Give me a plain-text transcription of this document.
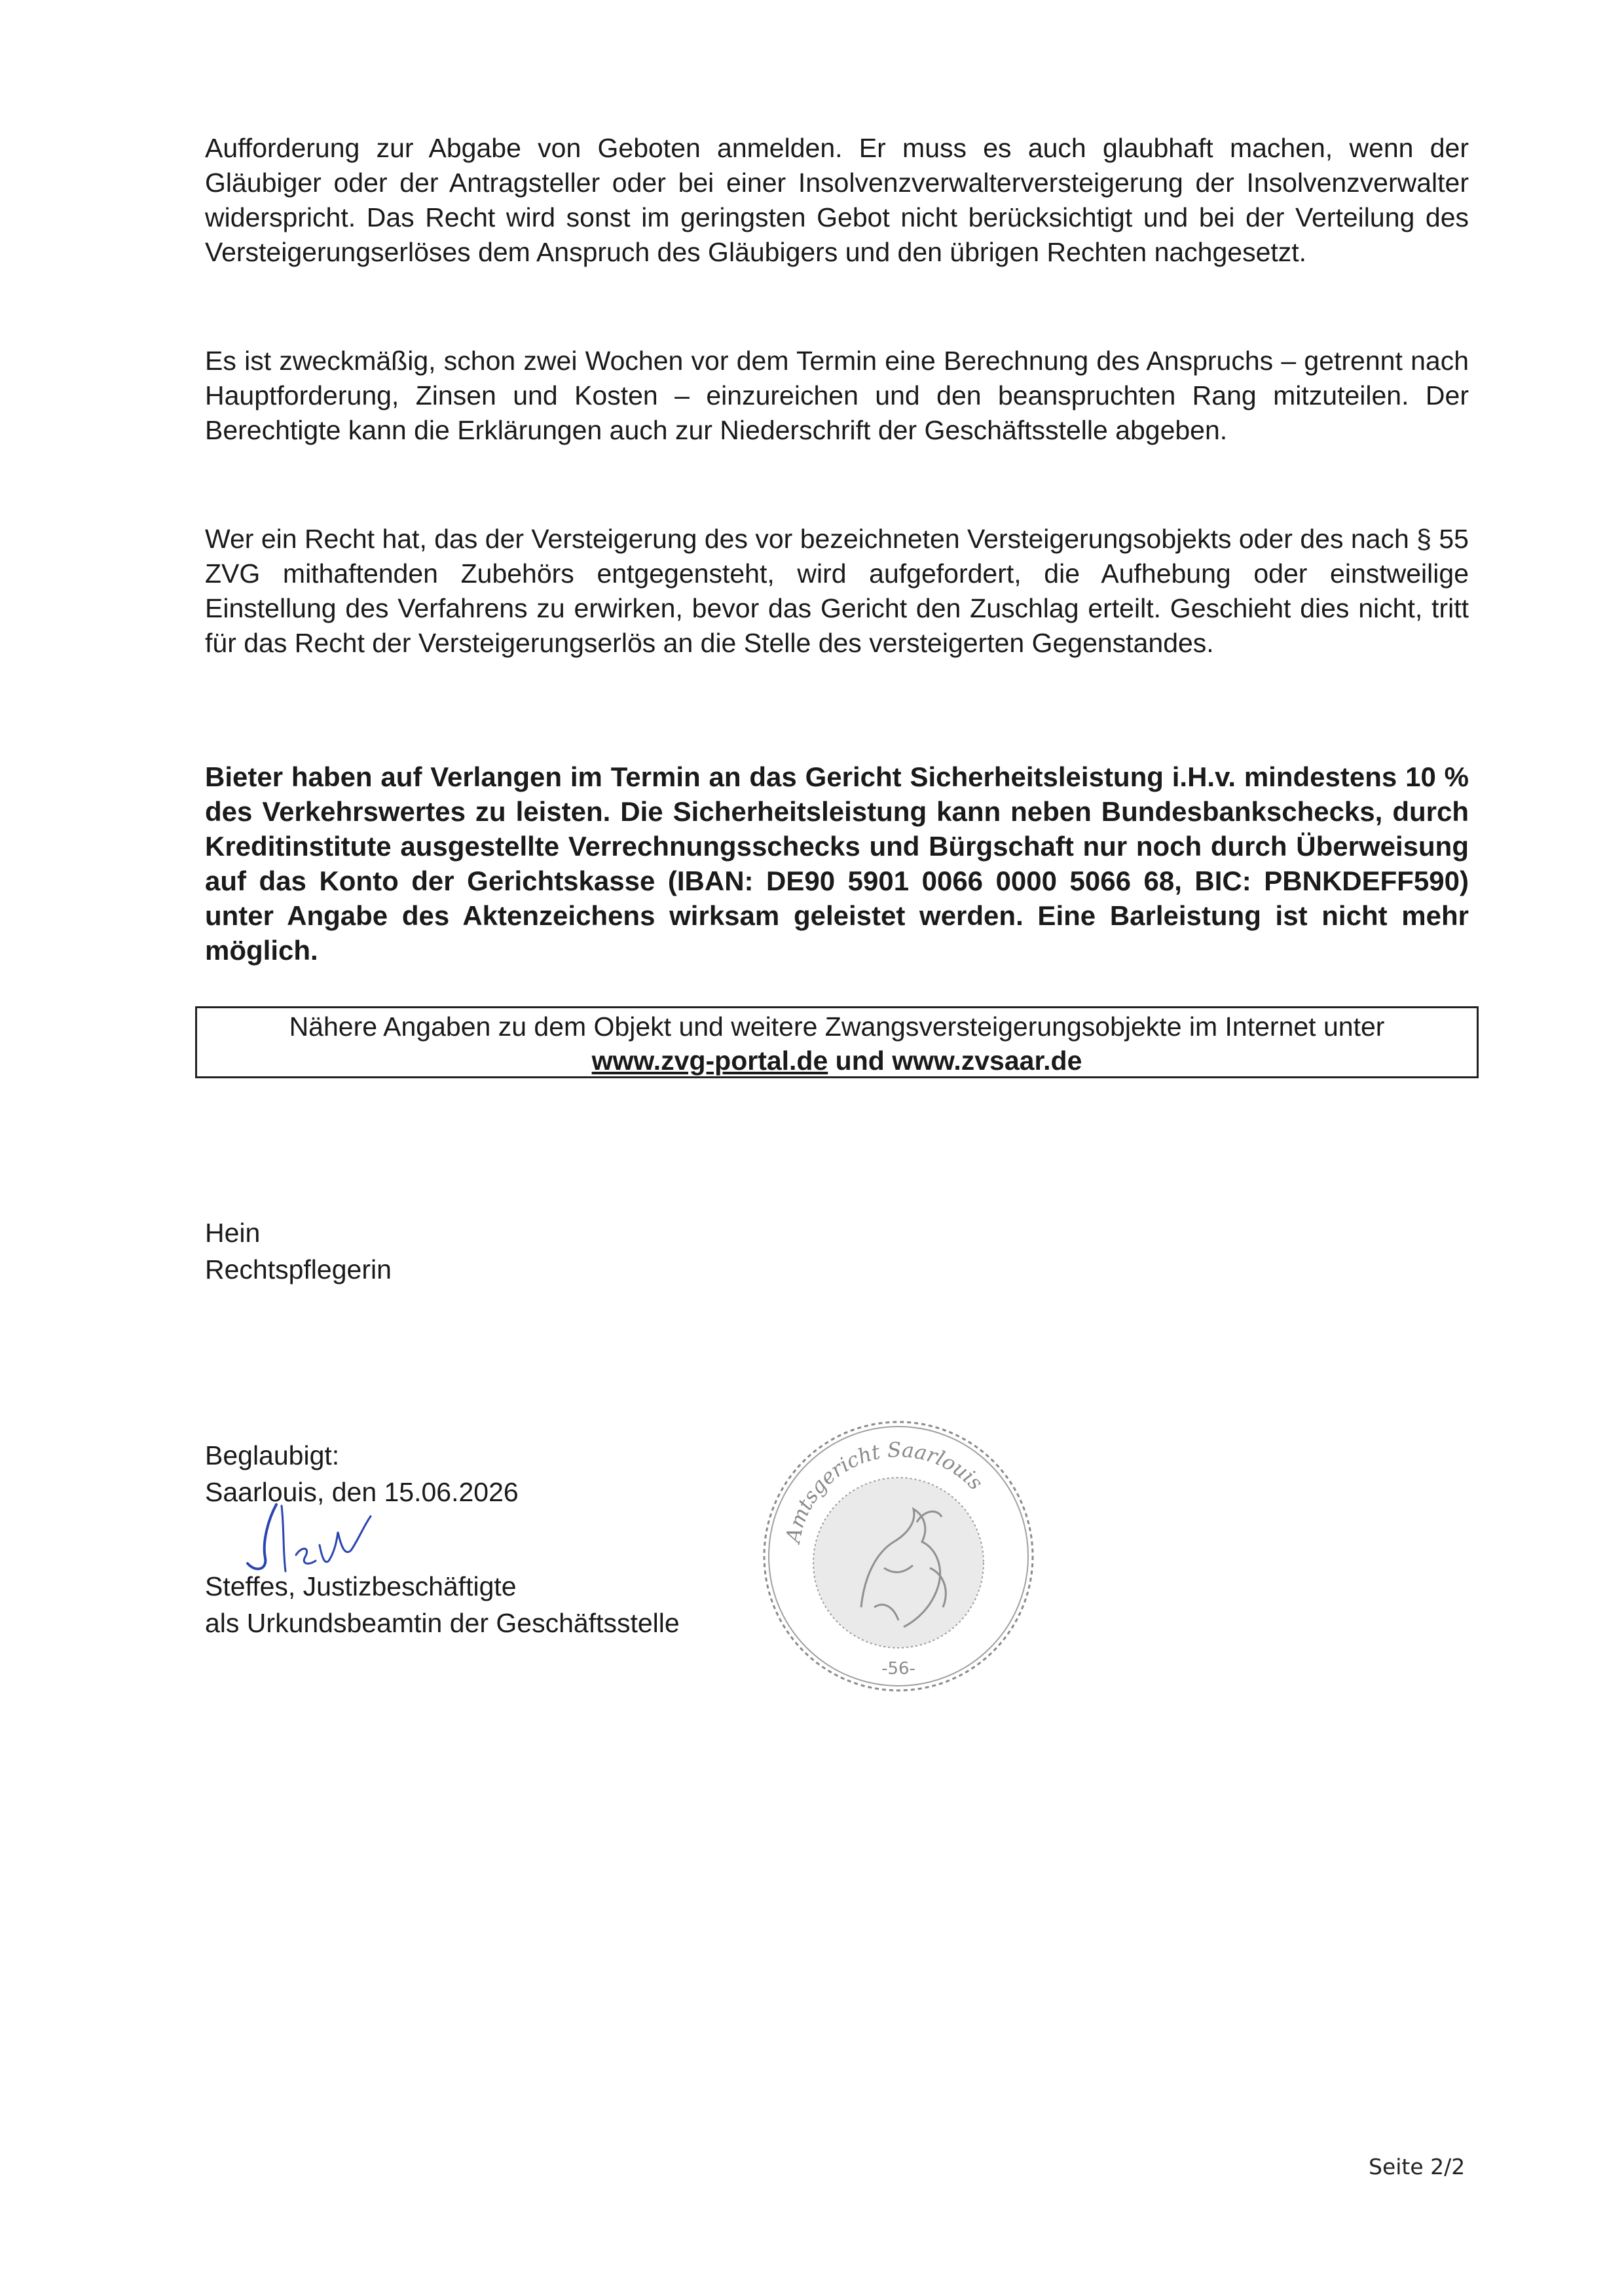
Aufforderung zur Abgabe von Geboten anmelden. Er muss es auch glaubhaft machen, wenn der Gläubiger oder der Antragsteller oder bei einer Insolvenzverwalterversteigerung der Insolvenzverwalter widerspricht. Das Recht wird sonst im geringsten Gebot nicht berücksichtigt und bei der Verteilung des Versteigerungserlöses dem Anspruch des Gläubigers und den übrigen Rechten nachgesetzt.

Es ist zweckmäßig, schon zwei Wochen vor dem Termin eine Berechnung des Anspruchs – getrennt nach Hauptforderung, Zinsen und Kosten – einzureichen und den beanspruchten Rang mitzuteilen. Der Berechtigte kann die Erklärungen auch zur Niederschrift der Geschäftsstelle abgeben.

Wer ein Recht hat, das der Versteigerung des vor bezeichneten Versteigerungsobjekts oder des nach § 55 ZVG mithaftenden Zubehörs entgegensteht, wird aufgefordert, die Aufhebung oder einstweilige Einstellung des Verfahrens zu erwirken, bevor das Gericht den Zuschlag erteilt. Geschieht dies nicht, tritt für das Recht der Versteigerungserlös an die Stelle des versteigerten Gegenstandes.

Bieter haben auf Verlangen im Termin an das Gericht Sicherheitsleistung i.H.v. mindestens 10 % des Verkehrswertes zu leisten. Die Sicherheitsleistung kann neben Bundesbankschecks, durch Kreditinstitute ausgestellte Verrechnungsschecks und Bürgschaft nur noch durch Überweisung auf das Konto der Gerichtskasse (IBAN: DE90 5901 0066 0000 5066 68, BIC: PBNKDEFF590) unter Angabe des Aktenzeichens wirksam geleistet werden. Eine Barleistung ist nicht mehr möglich.

Nähere Angaben zu dem Objekt und weitere Zwangsversteigerungsobjekte im Internet unter
www.zvg-portal.de und www.zvsaar.de
Hein
Rechtspflegerin
Beglaubigt:
Saarlouis, den 15.06.2026
Steffes, Justizbeschäftigte
als Urkundsbeamtin der Geschäftsstelle
Amtsgericht Saarlouis
-56-
Seite 2/2
